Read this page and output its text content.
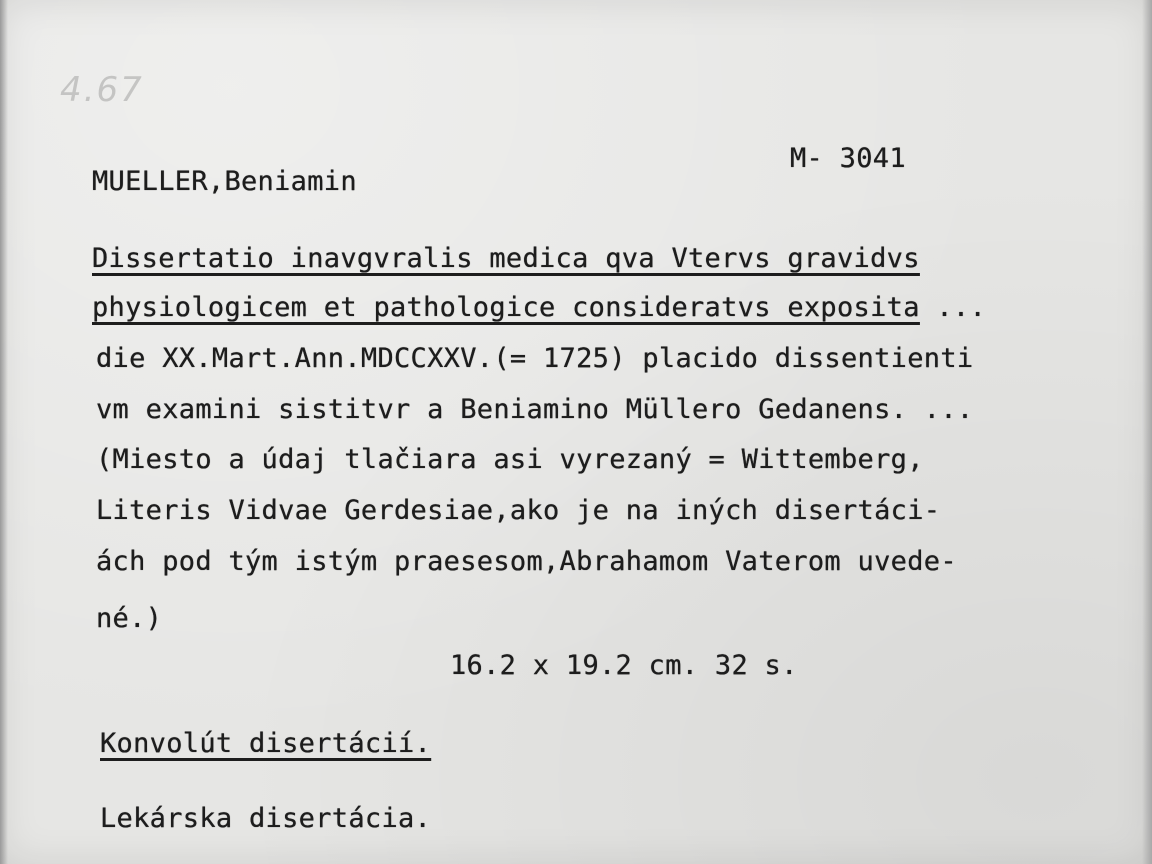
4.67
MUELLER,Beniamin
M- 3041
Dissertatio inavgvralis medica qva Vtervs gravidvs
physiologicem et pathologice consideratvs exposita ...
die XX.Mart.Ann.MDCCXXV.(= 1725) placido dissentienti
vm examini sistitvr a Beniamino Müllero Gedanens. ...
(Miesto a údaj tlačiara asi vyrezaný = Wittemberg,
Literis Vidvae Gerdesiae,ako je na iných disertáci-
ách pod tým istým praesesom,Abrahamom Vaterom uvede-
né.)
16.2 x 19.2 cm. 32 s.
Konvolút disertácií.
Lekárska disertácia.
